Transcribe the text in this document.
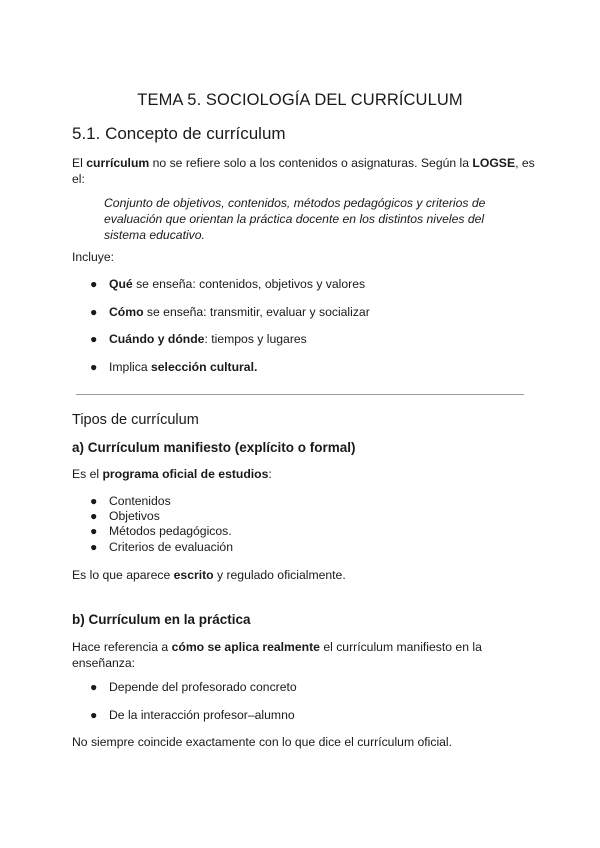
TEMA 5. SOCIOLOGÍA DEL CURRÍCULUM
5.1. Concepto de currículum
El currículum no se refiere solo a los contenidos o asignaturas. Según la LOGSE, es el:
Conjunto de objetivos, contenidos, métodos pedagógicos y criterios de evaluación que orientan la práctica docente en los distintos niveles del sistema educativo.
Incluye:
● Qué se enseña: contenidos, objetivos y valores
● Cómo se enseña: transmitir, evaluar y socializar
● Cuándo y dónde: tiempos y lugares
● Implica selección cultural.
Tipos de currículum
a) Currículum manifiesto (explícito o formal)
Es el programa oficial de estudios:
● Contenidos
● Objetivos
● Métodos pedagógicos.
● Criterios de evaluación
Es lo que aparece escrito y regulado oficialmente.
b) Currículum en la práctica
Hace referencia a cómo se aplica realmente el currículum manifiesto en la enseñanza:
● Depende del profesorado concreto
● De la interacción profesor–alumno
No siempre coincide exactamente con lo que dice el currículum oficial.
